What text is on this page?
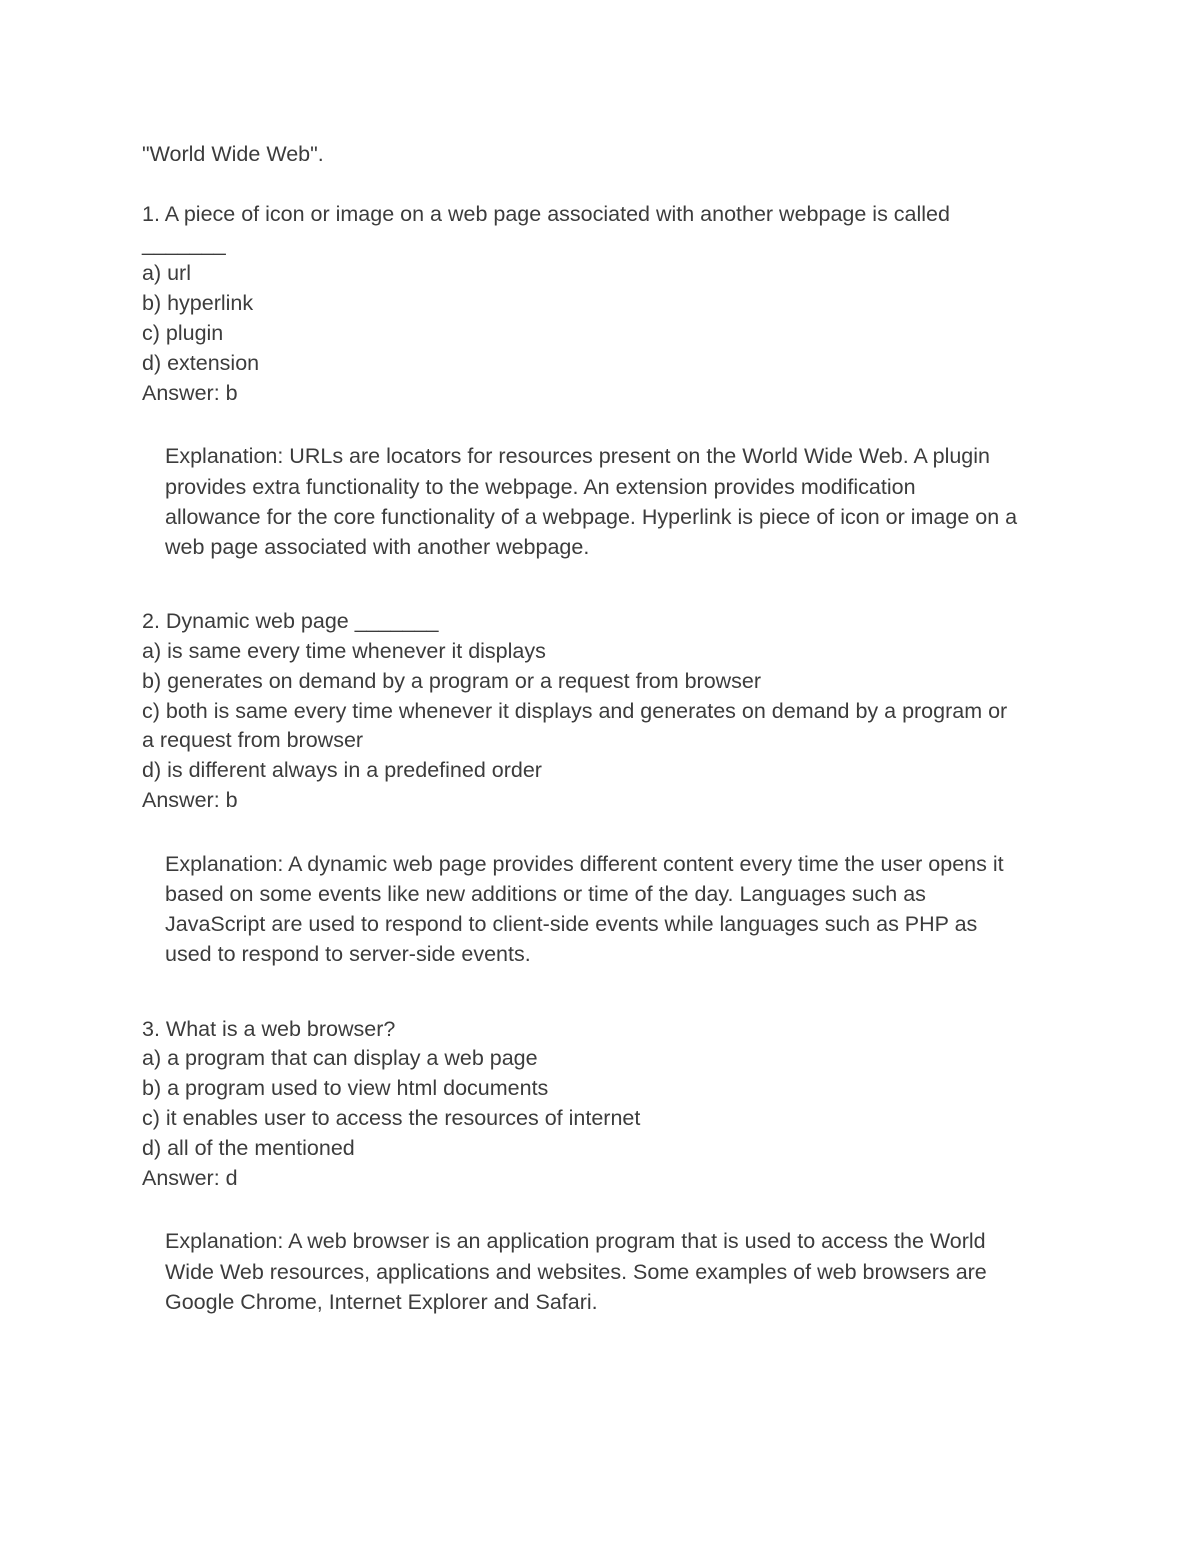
"World Wide Web".
1. A piece of icon or image on a web page associated with another webpage is called
_______
a) url
b) hyperlink
c) plugin
d) extension
Answer: b
Explanation: URLs are locators for resources present on the World Wide Web. A plugin
provides extra functionality to the webpage. An extension provides modification
allowance for the core functionality of a webpage. Hyperlink is piece of icon or image on a
web page associated with another webpage.
2. Dynamic web page _______
a) is same every time whenever it displays
b) generates on demand by a program or a request from browser
c) both is same every time whenever it displays and generates on demand by a program or
a request from browser
d) is different always in a predefined order
Answer: b
Explanation: A dynamic web page provides different content every time the user opens it
based on some events like new additions or time of the day. Languages such as
JavaScript are used to respond to client-side events while languages such as PHP as
used to respond to server-side events.
3. What is a web browser?
a) a program that can display a web page
b) a program used to view html documents
c) it enables user to access the resources of internet
d) all of the mentioned
Answer: d
Explanation: A web browser is an application program that is used to access the World
Wide Web resources, applications and websites. Some examples of web browsers are
Google Chrome, Internet Explorer and Safari.
